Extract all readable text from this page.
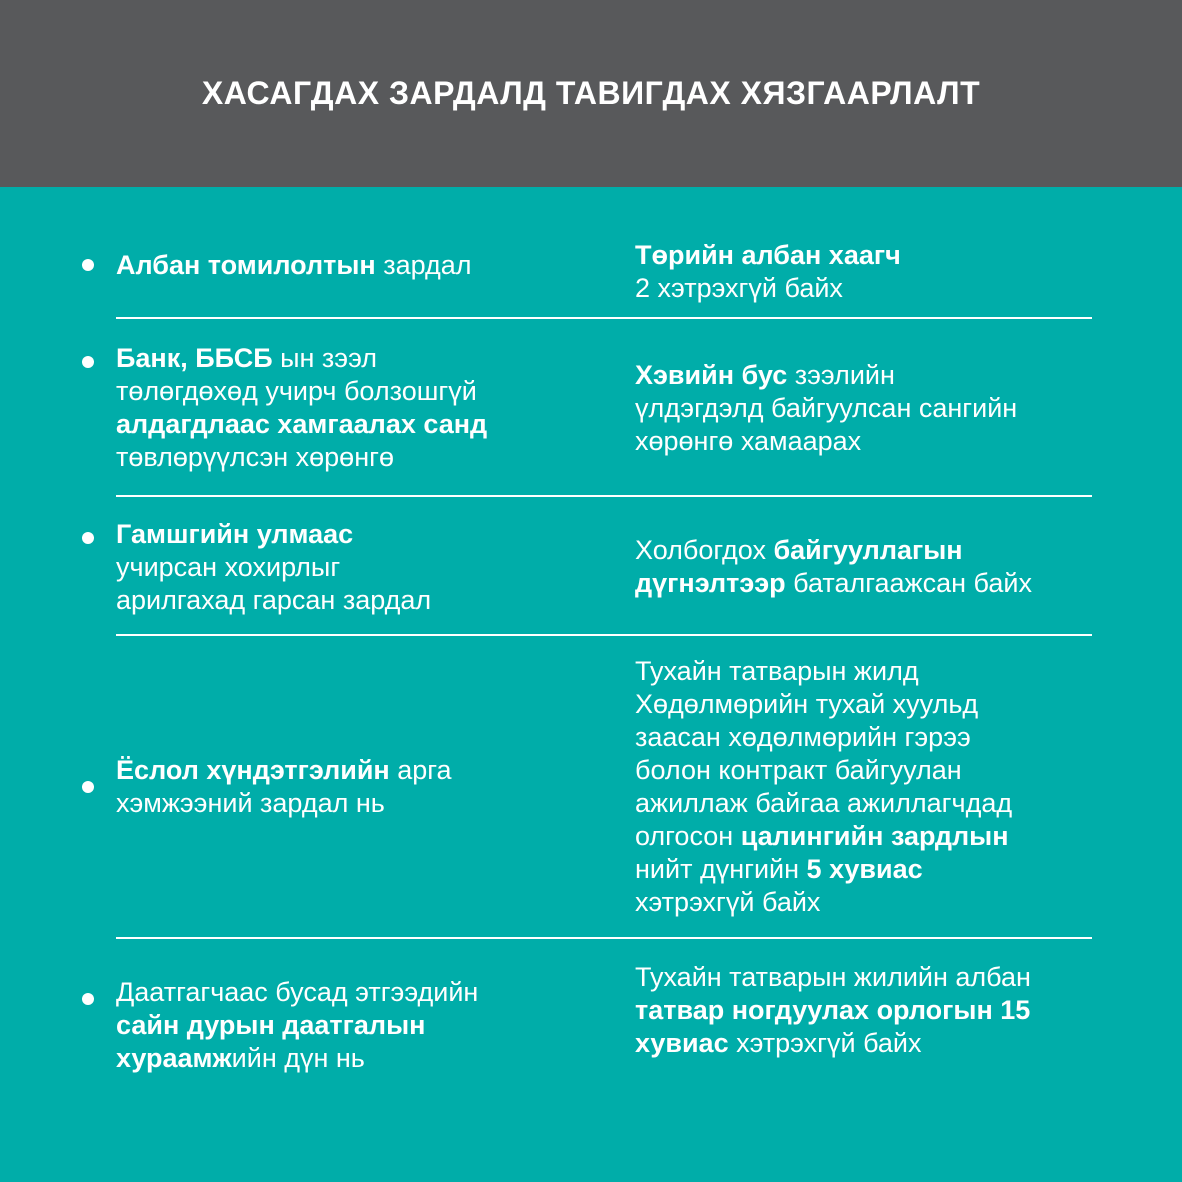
ХАСАГДАХ ЗАРДАЛД ТАВИГДАХ ХЯЗГААРЛАЛТ
Албан томилолтын зардал	Төрийн албан хаагч
2 хэтрэхгүй байх
Банк, ББСБ ын зээл
төлөгдөхөд учирч болзошгүй
алдагдлаас хамгаалах санд
төвлөрүүлсэн хөрөнгө
Хэвийн бус зээлийн
үлдэгдэлд байгуулсан сангийн
хөрөнгө хамаарах
Гамшгийн улмаас
учирсан хохирлыг
арилгахад гарсан зардал
Холбогдох байгууллагын
дүгнэлтээр баталгаажсан байх
Ёслол хүндэтгэлийн арга
хэмжээний зардал нь
Тухайн татварын жилд
Хөдөлмөрийн тухай хуульд
заасан хөдөлмөрийн гэрээ
болон контракт байгуулан
ажиллаж байгаа ажиллагчдад
олгосон цалингийн зардлын
нийт дүнгийн 5 хувиас
хэтрэхгүй байх
Даатгагчаас бусад этгээдийн
сайн дурын даатгалын
хураамжийн дүн нь
Тухайн татварын жилийн албан
татвар ногдуулах орлогын 15
хувиас хэтрэхгүй байх
